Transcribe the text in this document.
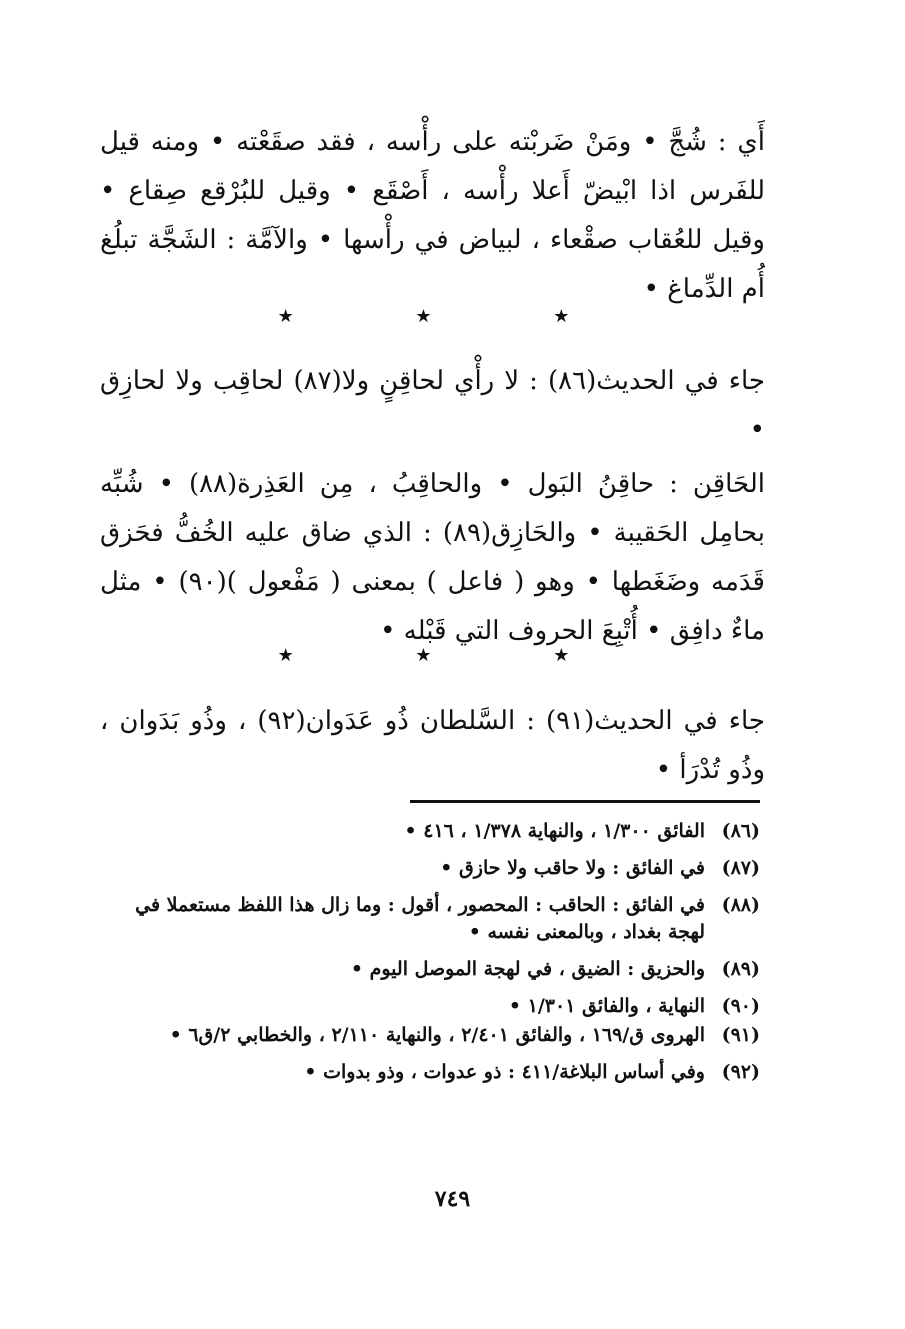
أَي : شُجَّ • ومَنْ ضَربْته على رأْسه ، فقد صقَعْته • ومنه قيل للفَرس اذا ابْيضّ أَعلا رأْسه ، أَصْقَع • وقيل للبُرْقع صِقاع • وقيل للعُقاب صقْعاء ، لبياض في رأْسها • والآمَّة : الشَجَّة تبلُغ أُم الدِّماغ •

★ ★ ★

جاء في الحديث(٨٦) : لا رأْي لحاقِنٍ ولا(٨٧) لحاقِب ولا لحازِق •

الحَاقِن : حاقِنُ البَول • والحاقِبُ ، مِن العَذِرة(٨٨) • شُبِّه بحامِل الحَقيبة • والحَازِق(٨٩) : الذي ضاق عليه الخُفُّ فحَزق قَدَمه وضَغَطها • وهو ( فاعل ) بمعنى ( مَفْعول )(٩٠) • مثل ماءٌ دافِق • أُتْبِعَ الحروف التي قَبْله •

★ ★ ★

جاء في الحديث(٩١) : السَّلطان ذُو عَدَوان(٩٢) ، وذُو بَدَوان ، وذُو تُدْرَأ •

(٨٦)
الفائق ١/٣٠٠ ، والنهاية ١/٣٧٨ ، ٤١٦ •
(٨٧)
في الفائق : ولا حاقب ولا حازق •
(٨٨)
في الفائق : الحاقب : المحصور ، أقول : وما زال هذا اللفظ مستعملا في لهجة بغداد ، وبالمعنى نفسه •
(٨٩)
والحزيق : الضيق ، في لهجة الموصل اليوم •
(٩٠)
النهاية ، والفائق ١/٣٠١ •
(٩١)
الهروى ق/١٦٩ ، والفائق ٢/٤٠١ ، والنهاية ٢/١١٠ ، والخطابي ٢/ق٦ •
(٩٢)
وفي أساس البلاغة/٤١١ : ذو عدوات ، وذو بدوات •
٧٤٩
